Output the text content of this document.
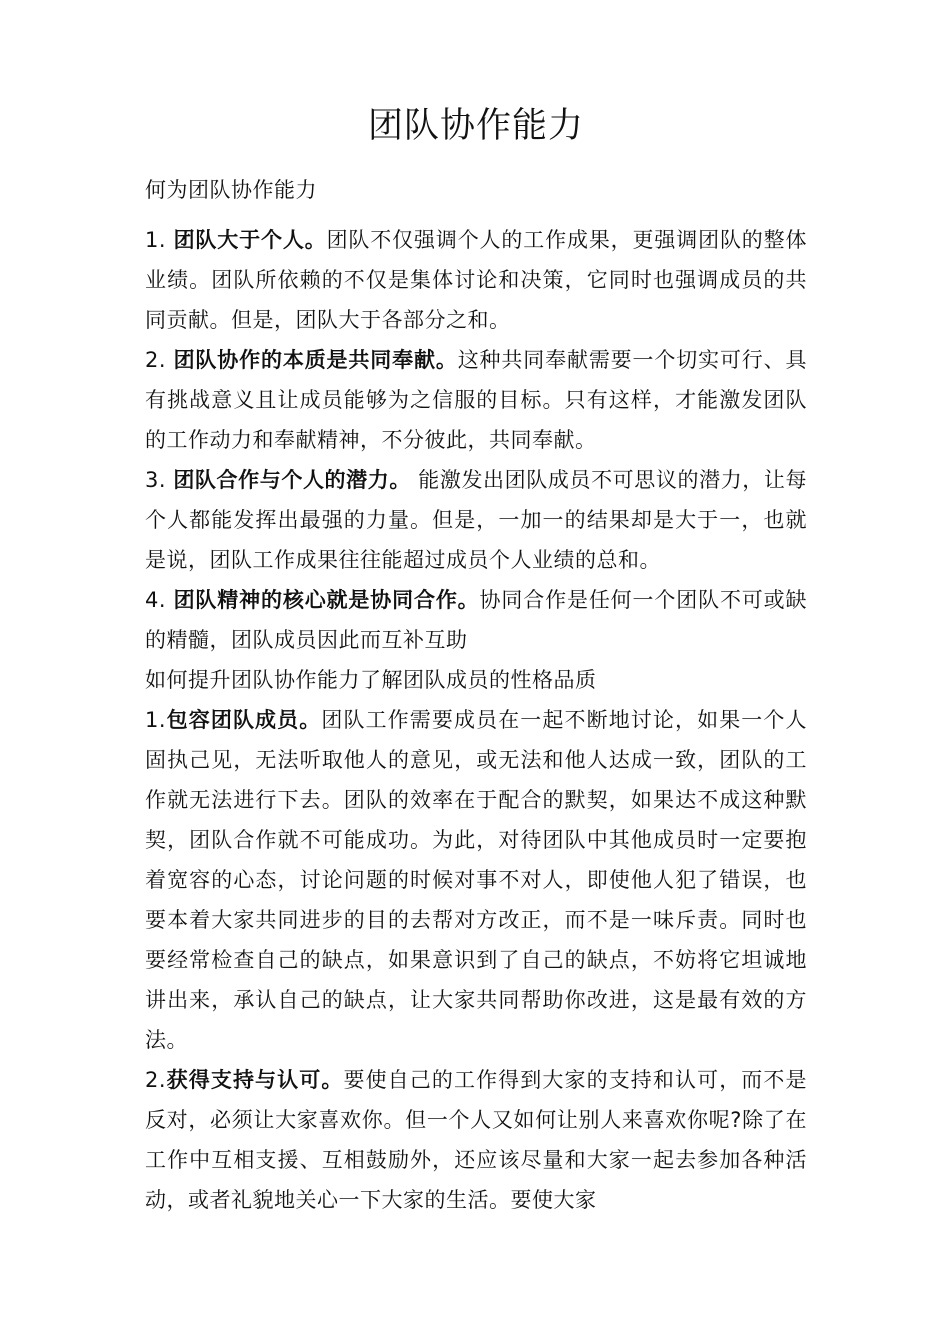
团队协作能力

何为团队协作能力

1. 团队大于个人。团队不仅强调个人的工作成果，更强调团队的整体业绩。团队所依赖的不仅是集体讨论和决策，它同时也强调成员的共同贡献。但是，团队大于各部分之和。

2. 团队协作的本质是共同奉献。这种共同奉献需要一个切实可行、具有挑战意义且让成员能够为之信服的目标。只有这样，才能激发团队的工作动力和奉献精神，不分彼此，共同奉献。

3. 团队合作与个人的潜力。 能激发出团队成员不可思议的潜力，让每个人都能发挥出最强的力量。但是，一加一的结果却是大于一，也就是说，团队工作成果往往能超过成员个人业绩的总和。

4. 团队精神的核心就是协同合作。协同合作是任何一个团队不可或缺的精髓，团队成员因此而互补互助

如何提升团队协作能力了解团队成员的性格品质

1.包容团队成员。团队工作需要成员在一起不断地讨论，如果一个人固执己见，无法听取他人的意见，或无法和他人达成一致，团队的工作就无法进行下去。团队的效率在于配合的默契，如果达不成这种默契，团队合作就不可能成功。为此，对待团队中其他成员时一定要抱着宽容的心态，讨论问题的时候对事不对人，即使他人犯了错误，也要本着大家共同进步的目的去帮对方改正，而不是一味斥责。同时也要经常检查自己的缺点，如果意识到了自己的缺点，不妨将它坦诚地讲出来，承认自己的缺点，让大家共同帮助你改进，这是最有效的方法。

2.获得支持与认可。要使自己的工作得到大家的支持和认可，而不是反对，必须让大家喜欢你。但一个人又如何让别人来喜欢你呢?除了在工作中互相支援、互相鼓励外，还应该尽量和大家一起去参加各种活动，或者礼貌地关心一下大家的生活。要使大家
